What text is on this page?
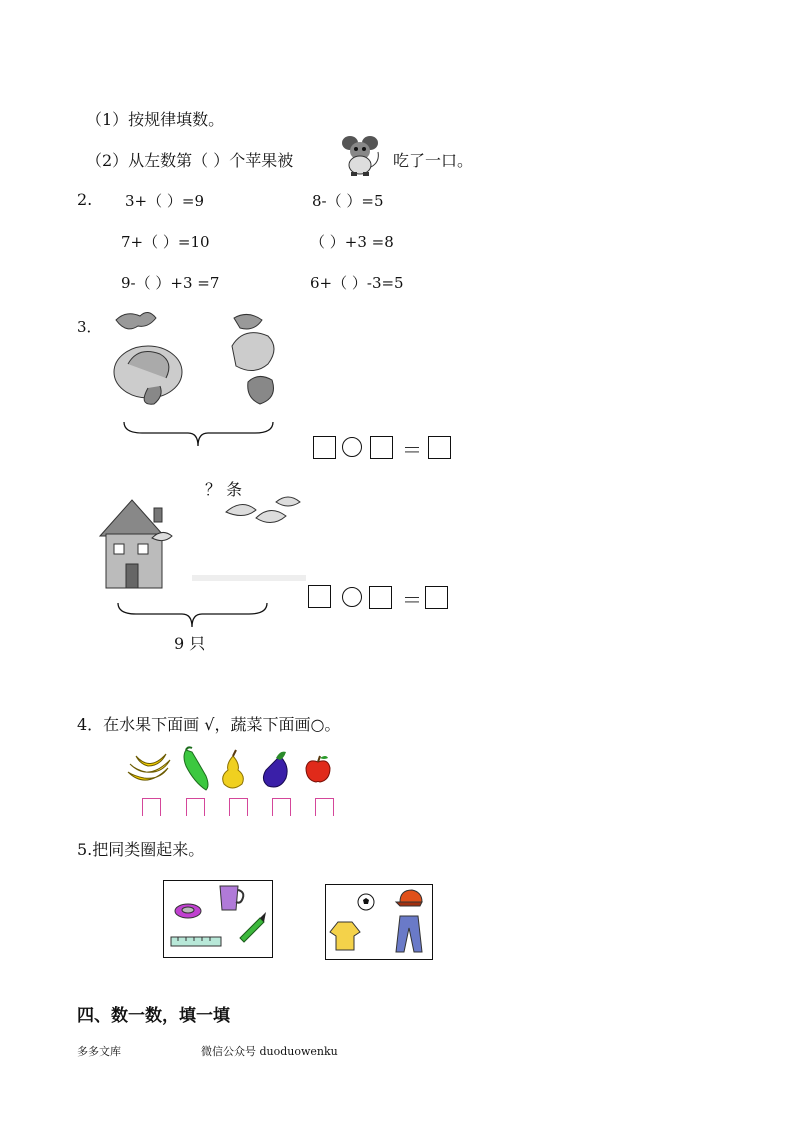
（1）按规律填数。
（2）从左数第（ ）个苹果被	吃了一口。
2. 3+（ ）=9	8-（ ）=5
7+（ ）=10	（ ）+3 =8
9-（ ）+3 =7	6+（ ）-3=5
3．
？ 条
＝
9 只
＝
4．在水果下面画 √，蔬菜下面画○。
5.把同类圈起来。
四、数一数，填一填
多多文库	微信公众号 duoduowenku
